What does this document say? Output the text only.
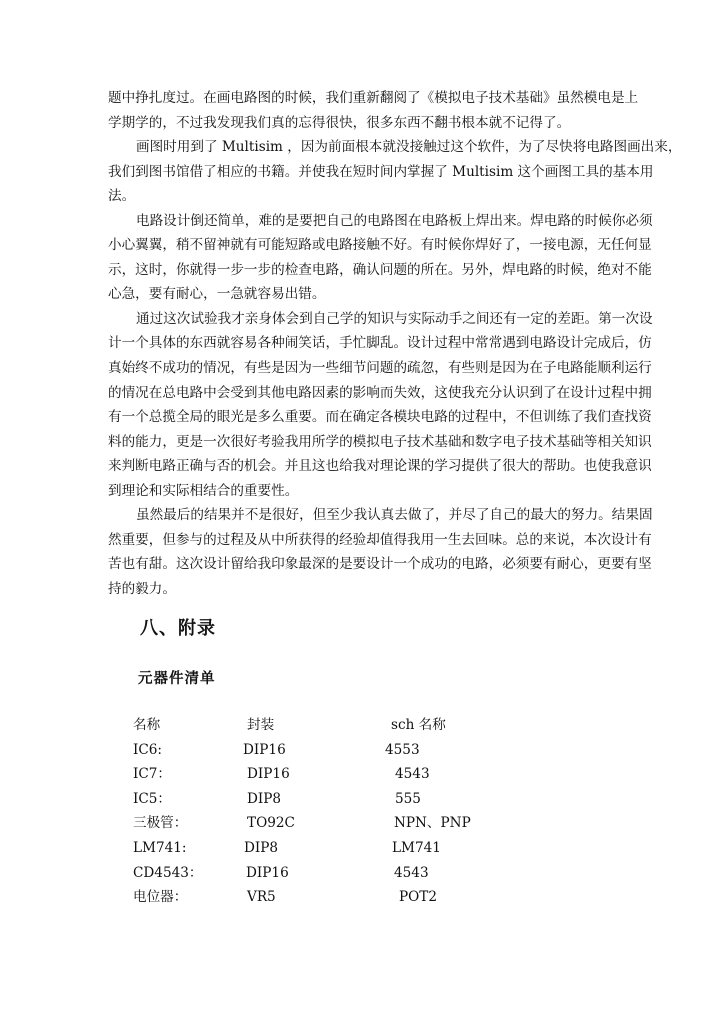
题中挣扎度过。在画电路图的时候，我们重新翻阅了《模拟电子技术基础》虽然模电是上
学期学的，不过我发现我们真的忘得很快，很多东西不翻书根本就不记得了。
画图时用到了 Multisim ，因为前面根本就没接触过这个软件，为了尽快将电路图画出来，
我们到图书馆借了相应的书籍。并使我在短时间内掌握了 Multisim 这个画图工具的基本用
法。
电路设计倒还简单，难的是要把自己的电路图在电路板上焊出来。焊电路的时候你必须
小心翼翼，稍不留神就有可能短路或电路接触不好。有时候你焊好了，一接电源，无任何显
示，这时，你就得一步一步的检查电路，确认问题的所在。另外，焊电路的时候，绝对不能
心急，要有耐心，一急就容易出错。
通过这次试验我才亲身体会到自己学的知识与实际动手之间还有一定的差距。第一次设
计一个具体的东西就容易各种闹笑话，手忙脚乱。设计过程中常常遇到电路设计完成后，仿
真始终不成功的情况，有些是因为一些细节问题的疏忽，有些则是因为在子电路能顺利运行
的情况在总电路中会受到其他电路因素的影响而失效，这使我充分认识到了在设计过程中拥
有一个总揽全局的眼光是多么重要。而在确定各模块电路的过程中，不但训练了我们查找资
料的能力，更是一次很好考验我用所学的模拟电子技术基础和数字电子技术基础等相关知识
来判断电路正确与否的机会。并且这也给我对理论课的学习提供了很大的帮助。也使我意识
到理论和实际相结合的重要性。
虽然最后的结果并不是很好，但至少我认真去做了，并尽了自己的最大的努力。结果固
然重要，但参与的过程及从中所获得的经验却值得我用一生去回味。总的来说，本次设计有
苦也有甜。这次设计留给我印象最深的是要设计一个成功的电路，必须要有耐心，更要有坚
持的毅力。
八、附录
元器件清单
名称	封装	sch 名称
IC6:	DIP16	4553
IC7：	DIP16	4543
IC5：	DIP8	555
三极管：	TO92C	NPN、PNP
LM741:	DIP8	LM741
CD4543：	DIP16	4543
电位器：	VR5	POT2
